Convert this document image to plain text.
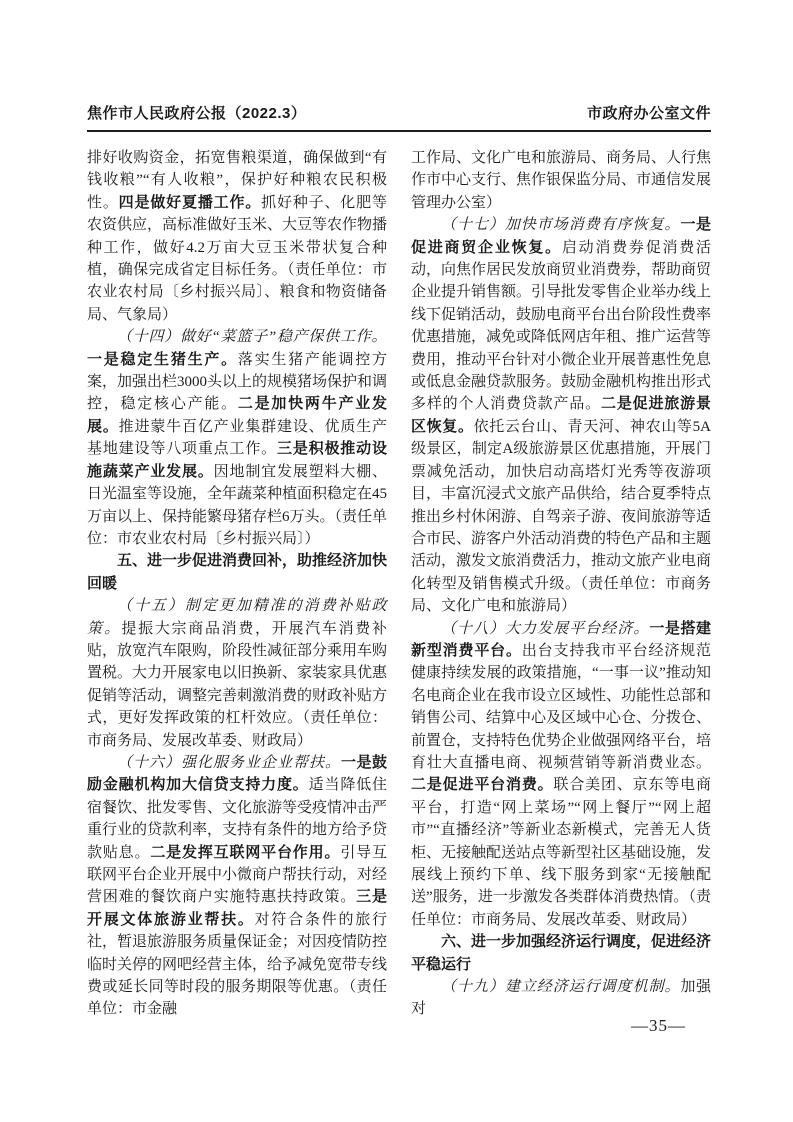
焦作市人民政府公报（2022.3）	市政府办公室文件

排好收购资金，拓宽售粮渠道，确保做到“有钱收粮”“有人收粮”，保护好种粮农民积极性。四是做好夏播工作。抓好种子、化肥等农资供应，高标准做好玉米、大豆等农作物播种工作，做好4.2万亩大豆玉米带状复合种植，确保完成省定目标任务。（责任单位：市农业农村局〔乡村振兴局〕、粮食和物资储备局、气象局）

（十四）做好“菜篮子”稳产保供工作。一是稳定生猪生产。落实生猪产能调控方案，加强出栏3000头以上的规模猪场保护和调控，稳定核心产能。二是加快两牛产业发展。推进蒙牛百亿产业集群建设、优质生产基地建设等八项重点工作。三是积极推动设施蔬菜产业发展。因地制宜发展塑料大棚、日光温室等设施，全年蔬菜种植面积稳定在45万亩以上、保持能繁母猪存栏6万头。（责任单位：市农业农村局〔乡村振兴局〕）

五、进一步促进消费回补，助推经济加快回暖

（十五）制定更加精准的消费补贴政策。提振大宗商品消费，开展汽车消费补贴，放宽汽车限购，阶段性减征部分乘用车购置税。大力开展家电以旧换新、家装家具优惠促销等活动，调整完善刺激消费的财政补贴方式，更好发挥政策的杠杆效应。（责任单位：市商务局、发展改革委、财政局）

（十六）强化服务业企业帮扶。一是鼓励金融机构加大信贷支持力度。适当降低住宿餐饮、批发零售、文化旅游等受疫情冲击严重行业的贷款利率，支持有条件的地方给予贷款贴息。二是发挥互联网平台作用。引导互联网平台企业开展中小微商户帮扶行动，对经营困难的餐饮商户实施特惠扶持政策。三是开展文体旅游业帮扶。对符合条件的旅行社，暂退旅游服务质量保证金；对因疫情防控临时关停的网吧经营主体，给予减免宽带专线费或延长同等时段的服务期限等优惠。（责任单位：市金融

工作局、文化广电和旅游局、商务局、人行焦作市中心支行、焦作银保监分局、市通信发展管理办公室）

（十七）加快市场消费有序恢复。一是促进商贸企业恢复。启动消费券促消费活动，向焦作居民发放商贸业消费券，帮助商贸企业提升销售额。引导批发零售企业举办线上线下促销活动，鼓励电商平台出台阶段性费率优惠措施，减免或降低网店年租、推广运营等费用，推动平台针对小微企业开展普惠性免息或低息金融贷款服务。鼓励金融机构推出形式多样的个人消费贷款产品。二是促进旅游景区恢复。依托云台山、青天河、神农山等5A级景区，制定A级旅游景区优惠措施，开展门票减免活动，加快启动高塔灯光秀等夜游项目，丰富沉浸式文旅产品供给，结合夏季特点推出乡村休闲游、自驾亲子游、夜间旅游等适合市民、游客户外活动消费的特色产品和主题活动，激发文旅消费活力，推动文旅产业电商化转型及销售模式升级。（责任单位：市商务局、文化广电和旅游局）

（十八）大力发展平台经济。一是搭建新型消费平台。出台支持我市平台经济规范健康持续发展的政策措施，“一事一议”推动知名电商企业在我市设立区域性、功能性总部和销售公司、结算中心及区域中心仓、分拨仓、前置仓，支持特色优势企业做强网络平台，培育壮大直播电商、视频营销等新消费业态。二是促进平台消费。联合美团、京东等电商平台，打造“网上菜场”“网上餐厅”“网上超市”“直播经济”等新业态新模式，完善无人货柜、无接触配送站点等新型社区基础设施，发展线上预约下单、线下服务到家“无接触配送”服务，进一步激发各类群体消费热情。（责任单位：市商务局、发展改革委、财政局）

六、进一步加强经济运行调度，促进经济平稳运行

（十九）建立经济运行调度机制。加强对

—35—
